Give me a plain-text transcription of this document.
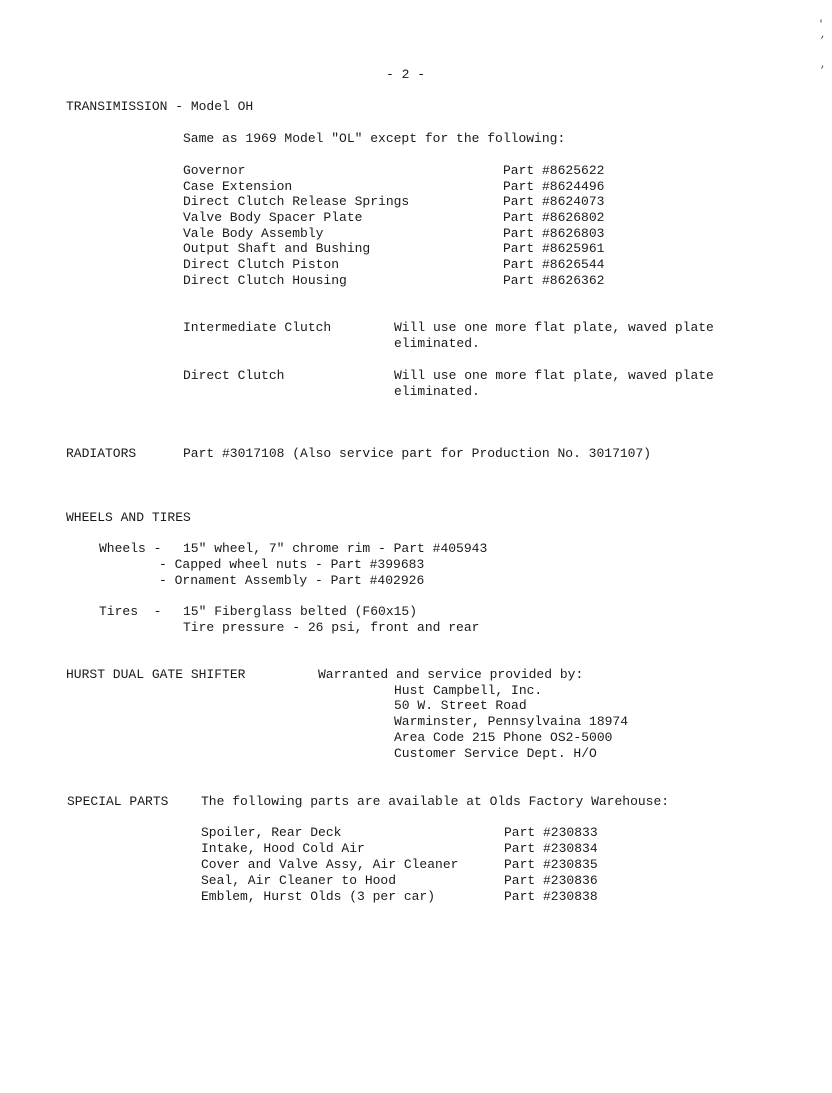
'
,
,
- 2 -
TRANSIMISSION - Model OH
Same as 1969 Model "OL" except for the following:
Governor	Part #8625622
Case Extension	Part #8624496
Direct Clutch Release Springs	Part #8624073
Valve Body Spacer Plate	Part #8626802
Vale Body Assembly	Part #8626803
Output Shaft and Bushing	Part #8625961
Direct Clutch Piston	Part #8626544
Direct Clutch Housing	Part #8626362
Intermediate Clutch	Will use one more flat plate, waved plate
eliminated.
Direct Clutch	Will use one more flat plate, waved plate
eliminated.
RADIATORS	Part #3017108 (Also service part for Production No. 3017107)
WHEELS AND TIRES
Wheels - 15" wheel, 7" chrome rim - Part #405943
- Capped wheel nuts - Part #399683
- Ornament Assembly - Part #402926
Tires  - 15" Fiberglass belted (F60x15)
Tire pressure - 26 psi, front and rear
HURST DUAL GATE SHIFTER	Warranted and service provided by:
Hust Campbell, Inc.
50 W. Street Road
Warminster, Pennsylvaina 18974
Area Code 215 Phone OS2-5000
Customer Service Dept. H/O
SPECIAL PARTS	The following parts are available at Olds Factory Warehouse:
Spoiler, Rear Deck	Part #230833
Intake, Hood Cold Air	Part #230834
Cover and Valve Assy, Air Cleaner	Part #230835
Seal, Air Cleaner to Hood	Part #230836
Emblem, Hurst Olds (3 per car)	Part #230838
